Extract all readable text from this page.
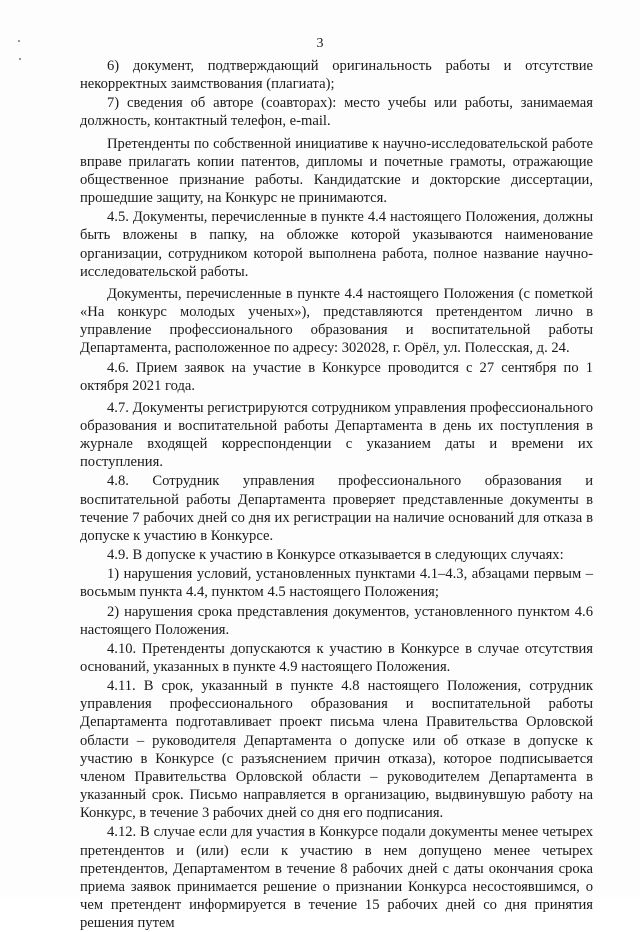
3

6) документ, подтверждающий оригинальность работы и отсутствие некорректных заимствования (плагиата);

7) сведения об авторе (соавторах): место учебы или работы, занимаемая должность, контактный телефон, e-mail.

Претенденты по собственной инициативе к научно-исследовательской работе вправе прилагать копии патентов, дипломы и почетные грамоты, отражающие общественное признание работы. Кандидатские и докторские диссертации, прошедшие защиту, на Конкурс не принимаются.

4.5. Документы, перечисленные в пункте 4.4 настоящего Положения, должны быть вложены в папку, на обложке которой указываются наименование организации, сотрудником которой выполнена работа, полное название научно-исследовательской работы.

Документы, перечисленные в пункте 4.4 настоящего Положения (с пометкой «На конкурс молодых ученых»), представляются претендентом лично в управление профессионального образования и воспитательной работы Департамента, расположенное по адресу: 302028, г. Орёл, ул. Полесская, д. 24.

4.6. Прием заявок на участие в Конкурсе проводится с 27 сентября по 1 октября 2021 года.

4.7. Документы регистрируются сотрудником управления профессионального образования и воспитательной работы Департамента в день их поступления в журнале входящей корреспонденции с указанием даты и времени их поступления.

4.8. Сотрудник управления профессионального образования и воспитательной работы Департамента проверяет представленные документы в течение 7 рабочих дней со дня их регистрации на наличие оснований для отказа в допуске к участию в Конкурсе.

4.9. В допуске к участию в Конкурсе отказывается в следующих случаях:

1) нарушения условий, установленных пунктами 4.1–4.3, абзацами первым – восьмым пункта 4.4, пунктом 4.5 настоящего Положения;

2) нарушения срока представления документов, установленного пунктом 4.6 настоящего Положения.

4.10. Претенденты допускаются к участию в Конкурсе в случае отсутствия оснований, указанных в пункте 4.9 настоящего Положения.

4.11. В срок, указанный в пункте 4.8 настоящего Положения, сотрудник управления профессионального образования и воспитательной работы Департамента подготавливает проект письма члена Правительства Орловской области – руководителя Департамента о допуске или об отказе в допуске к участию в Конкурсе (с разъяснением причин отказа), которое подписывается членом Правительства Орловской области – руководителем Департамента в указанный срок. Письмо направляется в организацию, выдвинувшую работу на Конкурс, в течение 3 рабочих дней со дня его подписания.

4.12. В случае если для участия в Конкурсе подали документы менее четырех претендентов и (или) если к участию в нем допущено менее четырех претендентов, Департаментом в течение 8 рабочих дней с даты окончания срока приема заявок принимается решение о признании Конкурса несостоявшимся, о чем претендент информируется в течение 15 рабочих дней со дня принятия решения путем
